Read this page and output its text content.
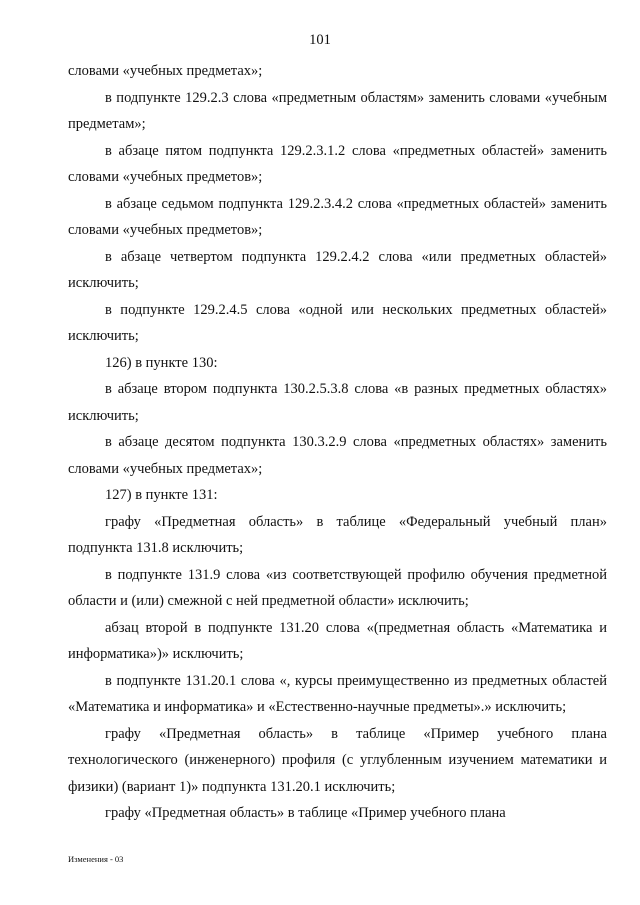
101

словами «учебных предметах»;

в подпункте 129.2.3 слова «предметным областям» заменить словами «учебным предметам»;

в абзаце пятом подпункта 129.2.3.1.2 слова «предметных областей» заменить словами «учебных предметов»;

в абзаце седьмом подпункта 129.2.3.4.2 слова «предметных областей» заменить словами «учебных предметов»;

в абзаце четвертом подпункта 129.2.4.2 слова «или предметных областей» исключить;

в подпункте 129.2.4.5 слова «одной или нескольких предметных областей» исключить;

126) в пункте 130:

в абзаце втором подпункта 130.2.5.3.8 слова «в разных предметных областях» исключить;

в абзаце десятом подпункта 130.3.2.9 слова «предметных областях» заменить словами «учебных предметах»;

127) в пункте 131:

графу «Предметная область» в таблице «Федеральный учебный план» подпункта 131.8 исключить;

в подпункте 131.9 слова «из соответствующей профилю обучения предметной области и (или) смежной с ней предметной области» исключить;

абзац второй в подпункте 131.20 слова «(предметная область «Математика и информатика»)» исключить;

в подпункте 131.20.1 слова «, курсы преимущественно из предметных областей «Математика и информатика» и «Естественно-научные предметы».» исключить;

графу «Предметная область» в таблице «Пример учебного плана технологического (инженерного) профиля (с углубленным изучением математики и физики) (вариант 1)» подпункта 131.20.1 исключить;

графу «Предметная область» в таблице «Пример учебного плана

Изменения - 03
